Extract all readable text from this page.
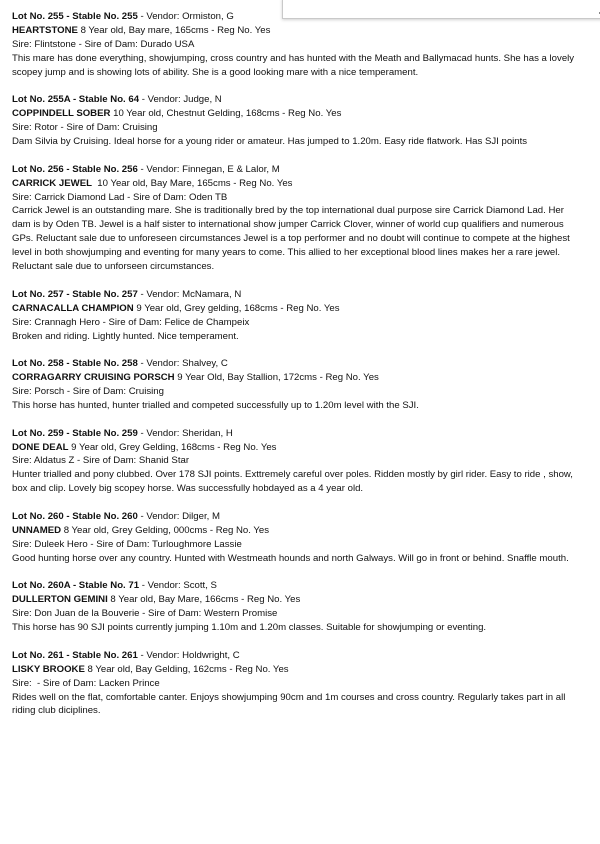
Lot No. 255 - Stable No. 255 - Vendor: Ormiston, G
HEARTSTONE 8 Year old, Bay mare, 165cms - Reg No. Yes
Sire: Flintstone - Sire of Dam: Durado USA
This mare has done everything, showjumping, cross country and has hunted with the Meath and Ballymacad hunts. She has a lovely scopey jump and is showing lots of ability. She is a good looking mare with a nice temperament.
Lot No. 255A - Stable No. 64 - Vendor: Judge, N
COPPINDELL SOBER 10 Year old, Chestnut Gelding, 168cms - Reg No. Yes
Sire: Rotor - Sire of Dam: Cruising
Dam Silvia by Cruising. Ideal horse for a young rider or amateur. Has jumped to 1.20m. Easy ride flatwork. Has SJI points
Lot No. 256 - Stable No. 256 - Vendor: Finnegan, E & Lalor, M
CARRICK JEWEL  10 Year old, Bay Mare, 165cms - Reg No. Yes
Sire: Carrick Diamond Lad - Sire of Dam: Oden TB
Carrick Jewel is an outstanding mare. She is traditionally bred by the top international dual purpose sire Carrick Diamond Lad. Her dam is by Oden TB. Jewel is a half sister to international show jumper Carrick Clover, winner of world cup qualifiers and numerous GPs. Reluctant sale due to unforeseen circumstances Jewel is a top performer and no doubt will continue to compete at the highest level in both showjumping and eventing for many years to come. This allied to her exceptional blood lines makes her a rare jewel. Reluctant sale due to unforseen circumstances.
Lot No. 257 - Stable No. 257 - Vendor: McNamara, N
CARNACALLA CHAMPION 9 Year old, Grey gelding, 168cms - Reg No. Yes
Sire: Crannagh Hero - Sire of Dam: Felice de Champeix
Broken and riding. Lightly hunted. Nice temperament.
Lot No. 258 - Stable No. 258 - Vendor: Shalvey, C
CORRAGARRY CRUISING PORSCH 9 Year Old, Bay Stallion, 172cms - Reg No. Yes
Sire: Porsch - Sire of Dam: Cruising
This horse has hunted, hunter trialled and competed successfully up to 1.20m level with the SJI.
Lot No. 259 - Stable No. 259 - Vendor: Sheridan, H
DONE DEAL 9 Year old, Grey Gelding, 168cms - Reg No. Yes
Sire: Aldatus Z - Sire of Dam: Shanid Star
Hunter trialled and pony clubbed. Over 178 SJI points. Exttremely careful over poles. Ridden mostly by girl rider. Easy to ride , show, box and clip. Lovely big scopey horse. Was successfully hobdayed as a 4 year old.
Lot No. 260 - Stable No. 260 - Vendor: Dilger, M
UNNAMED 8 Year old, Grey Gelding, 000cms - Reg No. Yes
Sire: Duleek Hero - Sire of Dam: Turloughmore Lassie
Good hunting horse over any country. Hunted with Westmeath hounds and north Galways. Will go in front or behind. Snaffle mouth.
Lot No. 260A - Stable No. 71 - Vendor: Scott, S
DULLERTON GEMINI 8 Year old, Bay Mare, 166cms - Reg No. Yes
Sire: Don Juan de la Bouverie - Sire of Dam: Western Promise
This horse has 90 SJI points currently jumping 1.10m and 1.20m classes. Suitable for showjumping or eventing.
Lot No. 261 - Stable No. 261 - Vendor: Holdwright, C
LISKY BROOKE 8 Year old, Bay Gelding, 162cms - Reg No. Yes
Sire:  - Sire of Dam: Lacken Prince
Rides well on the flat, comfortable canter. Enjoys showjumping 90cm and 1m courses and cross country. Regularly takes part in all riding club diciplines.
